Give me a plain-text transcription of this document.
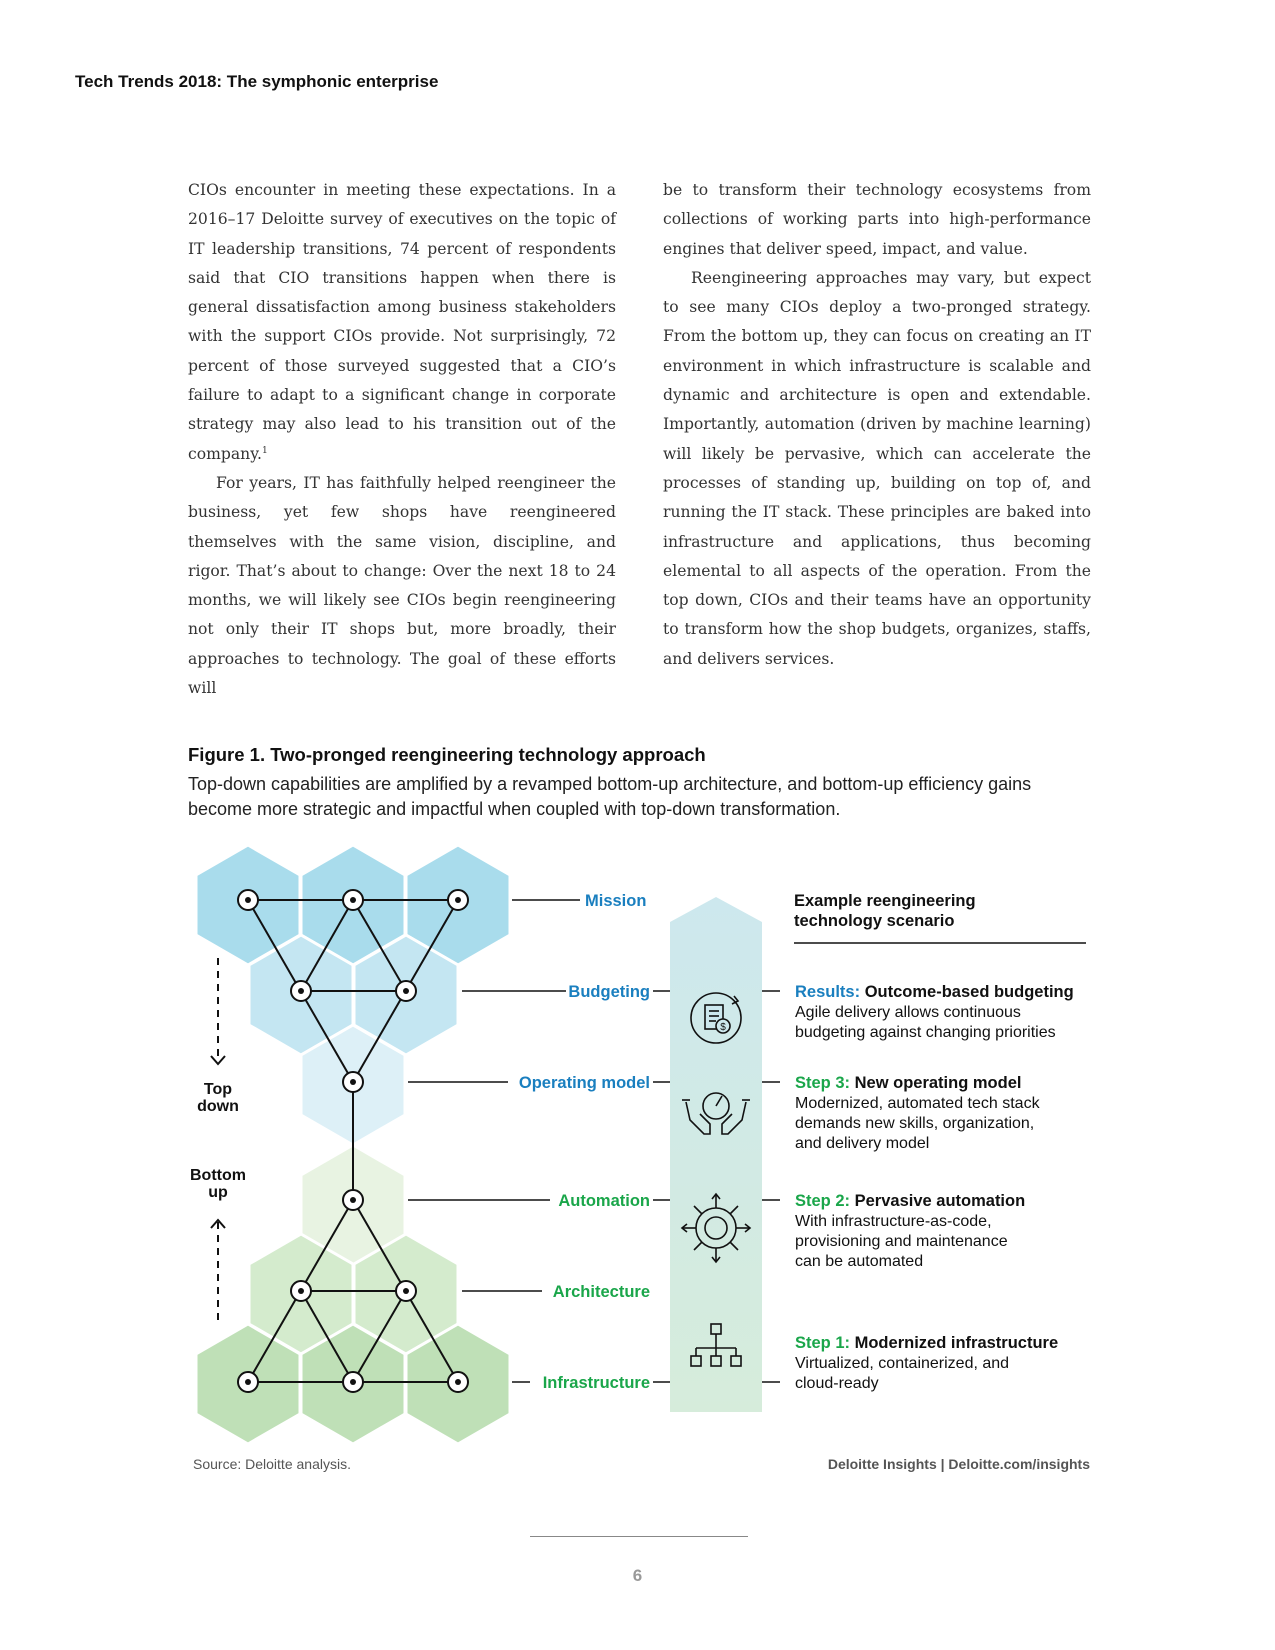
Tech Trends 2018: The symphonic enterprise

CIOs encounter in meeting these expectations. In a 2016–17 Deloitte survey of executives on the topic of IT leadership transitions, 74 percent of respondents said that CIO transitions happen when there is general dissatisfaction among business stakeholders with the support CIOs provide. Not surprisingly, 72 percent of those surveyed suggested that a CIO’s failure to adapt to a significant change in corporate strategy may also lead to his transition out of the company.$^1$

For years, IT has faithfully helped reengineer the business, yet few shops have reengineered themselves with the same vision, discipline, and rigor. That’s about to change: Over the next 18 to 24 months, we will likely see CIOs begin reengineering not only their IT shops but, more broadly, their approaches to technology. The goal of these efforts will

be to transform their technology ecosystems from collections of working parts into high-performance engines that deliver speed, impact, and value.

Reengineering approaches may vary, but expect to see many CIOs deploy a two-pronged strategy. From the bottom up, they can focus on creating an IT environment in which infrastructure is scalable and dynamic and architecture is open and extendable. Importantly, automation (driven by machine learning) will likely be pervasive, which can accelerate the processes of standing up, building on top of, and running the IT stack. These principles are baked into infrastructure and applications, thus becoming elemental to all aspects of the operation. From the top down, CIOs and their teams have an opportunity to transform how the shop budgets, organizes, staffs, and delivers services.

Figure 1. Two-pronged reengineering technology approach
Top-down capabilities are amplified by a revamped bottom-up architecture, and bottom-up efficiency gains become more strategic and impactful when coupled with top-down transformation.
Top
down
Bottom
up
Mission
Budgeting
Operating model
Automation
Architecture
Infrastructure
$
Example reengineering
technology scenario
Results: Outcome-based budgeting
Agile delivery allows continuous
budgeting against changing priorities
Step 3: New operating model
Modernized, automated tech stack
demands new skills, organization,
and delivery model
Step 2: Pervasive automation
With infrastructure-as-code,
provisioning and maintenance
can be automated
Step 1: Modernized infrastructure
Virtualized, containerized, and
cloud-ready
Source: Deloitte analysis.	Deloitte Insights | Deloitte.com/insights
6
